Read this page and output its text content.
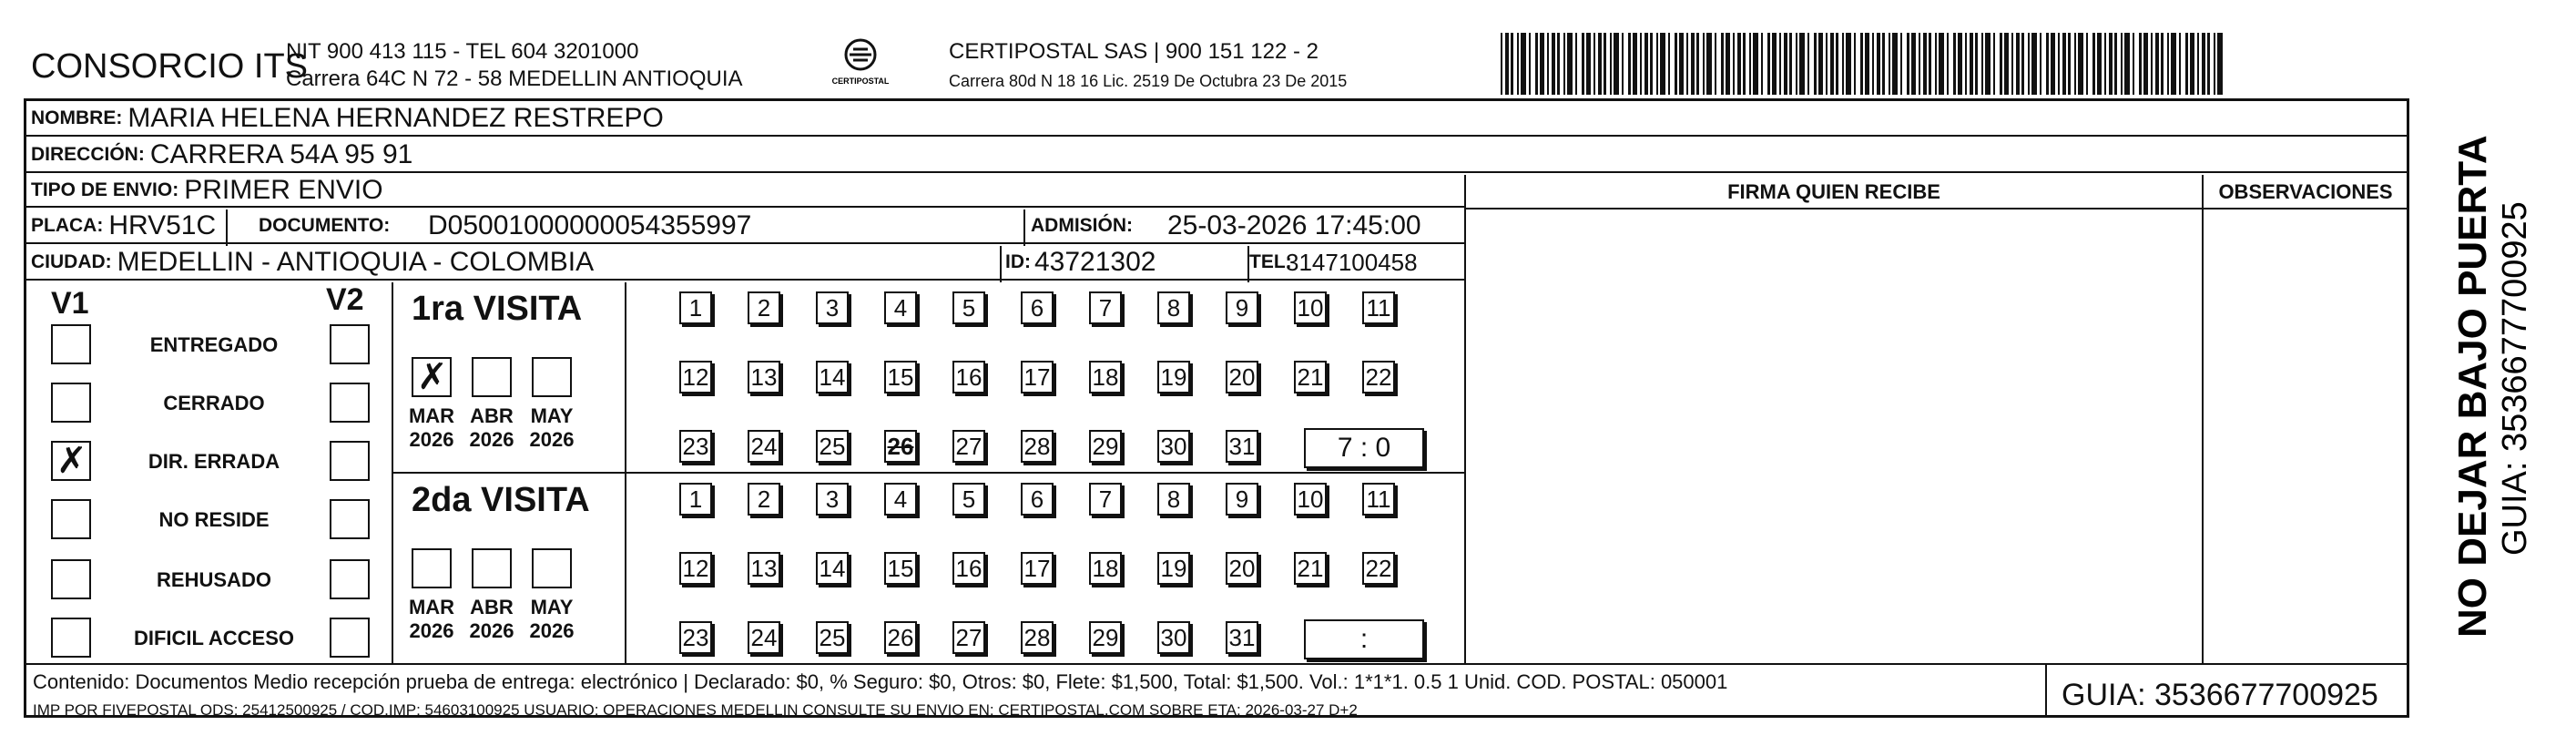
CONSORCIO ITS
NIT 900 413 115 - TEL 604 3201000
Carrera 64C N 72 - 58 MEDELLIN ANTIOQUIA	CERTIPOSTAL
CERTIPOSTAL SAS | 900 151 122 - 2
Carrera 80d N 18 16 Lic. 2519 De Octubra 23 De 2015
NOMBRE: MARIA HELENA HERNANDEZ RESTREPO
DIRECCIÓN: CARRERA 54A 95 91
TIPO DE ENVIO: PRIMER ENVIO
PLACA: HRV51C DOCUMENTO: D05001000000054355997	ADMISIÓN: 25-03-2026 17:45:00
CIUDAD: MEDELLIN - ANTIOQUIA - COLOMBIA	ID: 43721302	TEL:
3147100458
FIRMA QUIEN RECIBE	OBSERVACIONES
V1	V2
ENTREGADO
CERRADO
✗	DIR. ERRADA
NO RESIDE
REHUSADO
DIFICIL ACCESO
1ra VISITA
✗
MAR
2026
ABR
2026
MAY
2026
1	2	3	4	5	6	7	8	9	10 11
12 13 14 15 16 17 18 19 20 21 22
23 24 25 26 27 28 29 30 31	7 : 0
2da VISITA
MAR
2026
ABR
2026
MAY
2026
1	2	3	4	5	6	7	8	9	10 11
12 13 14 15 16 17 18 19 20 21 22
23 24 25 26 27 28 29 30 31	:
NO DEJAR BAJO PUERTA GUIA: 3536677700925
Contenido: Documentos Medio recepción prueba de entrega: electrónico | Declarado: $0, % Seguro: $0, Otros: $0, Flete: $1,500, Total: $1,500. Vol.: 1*1*1. 0.5 1 Unid. COD. POSTAL: 050001
IMP POR FIVEPOSTAL ODS: 25412500925 / COD.IMP: 54603100925 USUARIO: OPERACIONES MEDELLIN CONSULTE SU ENVIO EN: CERTIPOSTAL.COM SOBRE ETA: 2026-03-27 D+2	GUIA: 3536677700925
